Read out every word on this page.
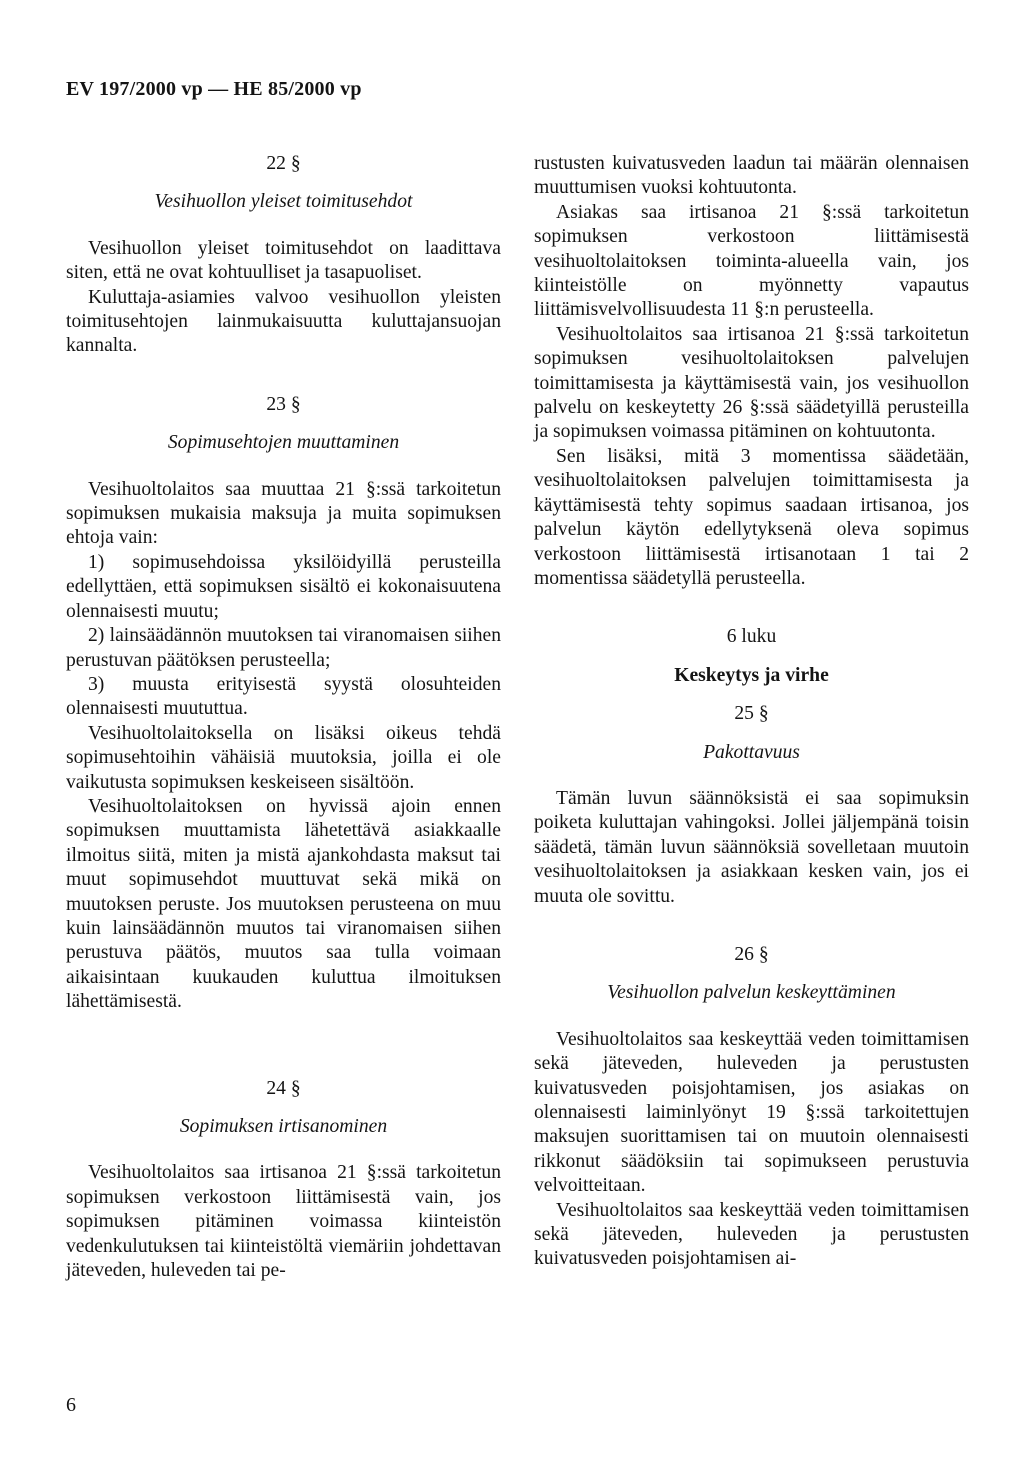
EV 197/2000 vp — HE 85/2000 vp
22 §
Vesihuollon yleiset toimitusehdot

Vesihuollon yleiset toimitusehdot on laadittava siten, että ne ovat kohtuulliset ja tasapuoliset.

Kuluttaja-asiamies valvoo vesihuollon yleisten toimitusehtojen lainmukaisuutta kuluttajansuojan kannalta.

23 §
Sopimusehtojen muuttaminen

Vesihuoltolaitos saa muuttaa 21 §:ssä tarkoitetun sopimuksen mukaisia maksuja ja muita sopimuksen ehtoja vain:

1) sopimusehdoissa yksilöidyillä perusteilla edellyttäen, että sopimuksen sisältö ei kokonaisuutena olennaisesti muutu;

2) lainsäädännön muutoksen tai viranomaisen siihen perustuvan päätöksen perusteella;

3) muusta erityisestä syystä olosuhteiden olennaisesti muututtua.

Vesihuoltolaitoksella on lisäksi oikeus tehdä sopimusehtoihin vähäisiä muutoksia, joilla ei ole vaikutusta sopimuksen keskeiseen sisältöön.

Vesihuoltolaitoksen on hyvissä ajoin ennen sopimuksen muuttamista lähetettävä asiakkaalle ilmoitus siitä, miten ja mistä ajankohdasta maksut tai muut sopimusehdot muuttuvat sekä mikä on muutoksen peruste. Jos muutoksen perusteena on muu kuin lainsäädännön muutos tai viranomaisen siihen perustuva päätös, muutos saa tulla voimaan aikaisintaan kuukauden kuluttua ilmoituksen lähettämisestä.

24 §
Sopimuksen irtisanominen

Vesihuoltolaitos saa irtisanoa 21 §:ssä tarkoitetun sopimuksen verkostoon liittämisestä vain, jos sopimuksen pitäminen voimassa kiinteistön vedenkulutuksen tai kiinteistöltä viemäriin johdettavan jäteveden, huleveden tai pe-

rustusten kuivatusveden laadun tai määrän olennaisen muuttumisen vuoksi kohtuutonta.

Asiakas saa irtisanoa 21 §:ssä tarkoitetun sopimuksen verkostoon liittämisestä vesihuoltolaitoksen toiminta-alueella vain, jos kiinteistölle on myönnetty vapautus liittämisvelvollisuudesta 11 §:n perusteella.

Vesihuoltolaitos saa irtisanoa 21 §:ssä tarkoitetun sopimuksen vesihuoltolaitoksen palvelujen toimittamisesta ja käyttämisestä vain, jos vesihuollon palvelu on keskeytetty 26 §:ssä säädetyillä perusteilla ja sopimuksen voimassa pitäminen on kohtuutonta.

Sen lisäksi, mitä 3 momentissa säädetään, vesihuoltolaitoksen palvelujen toimittamisesta ja käyttämisestä tehty sopimus saadaan irtisanoa, jos palvelun käytön edellytyksenä oleva sopimus verkostoon liittämisestä irtisanotaan 1 tai 2 momentissa säädetyllä perusteella.

6 luku
Keskeytys ja virhe
25 §
Pakottavuus

Tämän luvun säännöksistä ei saa sopimuksin poiketa kuluttajan vahingoksi. Jollei jäljempänä toisin säädetä, tämän luvun säännöksiä sovelletaan muutoin vesihuoltolaitoksen ja asiakkaan kesken vain, jos ei muuta ole sovittu.

26 §
Vesihuollon palvelun keskeyttäminen

Vesihuoltolaitos saa keskeyttää veden toimittamisen sekä jäteveden, huleveden ja perustusten kuivatusveden poisjohtamisen, jos asiakas on olennaisesti laiminlyönyt 19 §:ssä tarkoitettujen maksujen suorittamisen tai on muutoin olennaisesti rikkonut säädöksiin tai sopimukseen perustuvia velvoitteitaan.

Vesihuoltolaitos saa keskeyttää veden toimittamisen sekä jäteveden, huleveden ja perustusten kuivatusveden poisjohtamisen ai-

6
